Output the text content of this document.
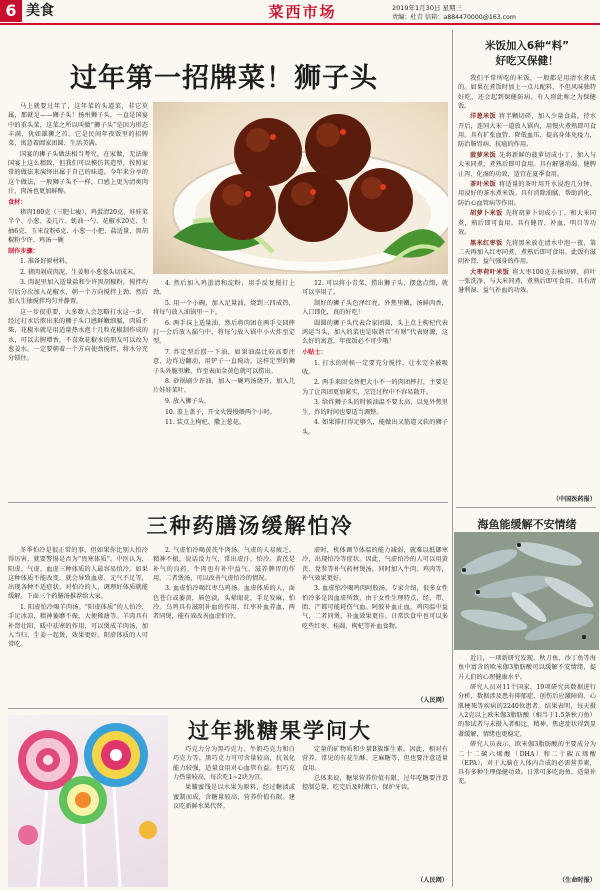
6 美食	菜西市场	2019年1月30日 星期三
责编：杜青 信箱：a884470000@163.com
过年第一招牌菜！狮子头

马上就要过年了，这年菜的头道菜，非它莫属，那就是——狮子头！扬州狮子头，一直是国宴中的重头菜，这菜之所以叫做“狮子头”是因为形态丰满，犹如雄狮之首。它是民间年夜饭里的招牌菜，寓意着阖家团圆、生活美满。

国宴的狮子头做法相当考究，在家做，无法像国宴上这么精致，但我们可以模仿其造型，按照家常的做法来演绎出属于自己的味道。今年来分享的这个做法，一般狮子头不一样，口感上更为清爽肉汁，肉汤也更加鲜醇。

食材：

猪肉180克（三肥七瘦）、鸡蛋清20克、娃娃菜半个、小葱、姜几片、蚝油一勺、花椒水20克、生抽6克、玉米淀粉6克、小葱一小把、盐适量、黑胡椒粉少许、鸡汤一碗

制作步骤：

1. 准备好原材料。

2. 猪肉剁成肉泥，生姜和小葱葱头切成末。

3. 肉泥里加入适量盐和少许黑胡椒粉，搅拌均匀后分次加入花椒水，朝一个方向搅拌上劲，然后加入生抽搅拌均匀并静置。

这一步很重要，大多数人会忽略打水这一步，经过打水后煎出来的狮子头口感鲜嫩细腻，肉质不柴，花椒水就是用适量热水泡十几粒花椒制作成的水，可以去腥增香，不喜欢花椒水的朋友可以改为葱姜水。一定要朝着一个方向使劲搅拌，将水分充分锁住。

4. 然后加入鸡蛋清和淀粉，用手反复搅打上劲。

5. 用一个小碗，加入足量油，烧到三四成热，将每勺放入油锅里一下。

6. 两手抹上适量油，然后将肉团在两手交回摔打一会后放入漏勺中，将每勺放入锅中小火炸至定型。

7. 炸定型后捞一下油，如果油温比较高要注意，边炸边翻动，用铲子一直搅动，这样定型的狮子头外脆里嫩，炸至表面金黄色就可以捞出。

8. 砂锅刷少许油，加入一碗鸡汤烧开，加入几片娃娃菜叶。

9. 放入狮子头。

10. 盖上盖子，开文火慢慢煨两个小时。

11. 装点上枸杞、撒上葱花。

12. 可以将小青菜、捞出狮子头，摆盘点缀，就可以享用了。

制好的狮子头色泽红亮，外焦里嫩，汤鲜肉香，入口即化，真的好吃！

圆圆的狮子头代表合家团圆，头上点上枸杞代表鸿运当头，加入的菜也是取谐音“有财”代表财源，这么好的寓意，年夜饭必不可少哦！

小贴士：

1. 打水的时候一定要充分搅拌，让水完全被吸收。

2. 两手来回交替把大小不一的肉团摔打，主要是为了让肉团更加紧实，烹饪过程中不容易散开。

3. 给炸狮子头的时候油温不要太高，以免外焦里生，炸的时间也要适当调整。

4. 如果排打得足够久，能做出又筋道又软的狮子头。

米饭加入6种“料”
好吃又保健！

我们平常所吃的米饭，一般都是用清水煮成的。如果在煮饭时加上一点儿配料，不但风味独特好吃，还会起到保健防病、有人将此称之为保健饭。

洋葱米饭 将半颗切碎，加入少量食盐，待水开后，连同大米一道放入锅内，用慢火煮熟即可食用。具有扩张血管、降低血压、提高身体免疫力，防治肠胃病、抗癌的作用。

菠萝米饭 先将新鲜的菠萝切成小丁，加入与大米同煮，煮熟后即可食用。具有解暑消渴、健脾止泻、化湿的功效，适宜在夏季食用。

茶叶米饭 将适量的茶叶用开水浸泡几分钟，用浸好的茶水煮米饭。具有消除油腻、帮助消化、防治心血管病等作用。

胡萝卜米饭 先将胡萝卜切成小丁，和大米同煮，熟后即可食用。具有健胃、补血、明目等功效。

黑米红枣饭 先将黑米放在清水中泡一夜，第二天再加入红枣同煮，煮熟后即可食用。此饭有滋阴补肾、益气强身的作用。

大枣荷叶米饭 将大枣100克去核切碎，荷叶一张洗净，与大米同煮，煮熟后即可食用，具有清暑利湿、益气补血的功效。

（中国医药报）
三种药膳汤缓解怕冷

冬季怕冷是很正常的事，但如果你比别人怕冷得厉害，就要警惕是否为“畏寒体质”。中医认为，阳虚、气虚、血虚三种体质的人最容易怕冷。如果这种体质不能改变，就会导致血虚、元气不足等，出现各种不适症状。对怕冷的人，调理好体质就能缓解。下面三个药膳汤推荐给大家。

1. 阳虚怕冷喝羊肉汤。“阳虚体质”的人怕冷，手足冰凉，精神萎靡不振，大便稀溏等。羊肉具有补肾壮阳、暖中祛寒的作用，可以煲成羊肉汤，加入当归、生姜一起煲，效果更好。阳虚体质的人可常吃。

2. 气虚怕冷喝黄芪牛肉汤。气虚的人易疲乏、精神不振，说话没力气，常出虚汗，怕冷。黄芪是补气的良药，牛肉也有补中益气、滋养脾胃的作用，二者煲汤，可以改善气虚怕冷的情况。

3. 血虚怕冷喝红枣乌鸡汤。血虚体质的人，面色苍白或萎黄，唇色淡，头晕眼花，手足发麻，怕冷。乌鸡具有滋阴补血的作用，红枣补血养血，两者同煲，能有效改善血虚怕冷。

虚时，机体调节体温的能力减弱，就难以抵御寒冷，出现怕冷等症状。因此，气虚怕冷的人可以用黄芪、党参等补气药材煲汤，同时加入牛肉、鸡肉等，补气效果更好。

3. 血虚怕冷喝鸡肉阿胶汤。专家介绍，很多女性怕冷多是因血虚所致，由于女性生理特点，经、带、胎、产都可能耗伤气血。阿胶补血止血，鸡肉温中益气，二者同煲，补血效果更佳。日常饮食中也可以多吃些红枣、桂圆、枸杞等补血食物。

（人民网）
海鱼能缓解不安情绪

近日，一项新研究发现，秋刀鱼、沙丁鱼等海鱼中富含的欧米伽3脂肪酸可以缓解不安情绪，提升人们的心理健康水平。

研究人员对11个国家、19项研究共数据进行分析，数据涉及患有抑郁症、创伤后应激障碍、心肌梗死等疾病的2240位患者。结果表明，每天摄入2克以上欧米伽3脂肪酸（相当于1.5条秋刀鱼）的参试者与未摄入者相比，精神、焦虑症状得到显著缓解，情绪也更稳定。

研究人员表示，欧米伽3脂肪酸的主要成分为二十二碳六烯酸（DHA）和二十碳五烯酸（EPA），对于大脑在人体内合成的必需营养素，具有多种生理保健功效。日常可多吃海鱼，适量补充。

（生命时报）
过年挑糖果学问大

巧克力分为黑巧克力、牛奶巧克力和白巧克力等。黑巧克力可可含量较高，抗氧化能力较强，适量食用对心血管有益。但巧克力热量较高，每次吃1~2块为宜。

果脯蜜饯是以水果为原料，经过糖渍或蜜制而成，含糖量较高，营养价值有限。建议吃新鲜水果代替。

定量的矿物质和少量B族维生素。因此，相对有营养，常见的有花生酥、芝麻糖等，但也要注意适量食用。

总体来说，糖果营养价值有限，过年吃糖要注意控制总量，吃完后及时漱口，保护牙齿。

（人民网）
